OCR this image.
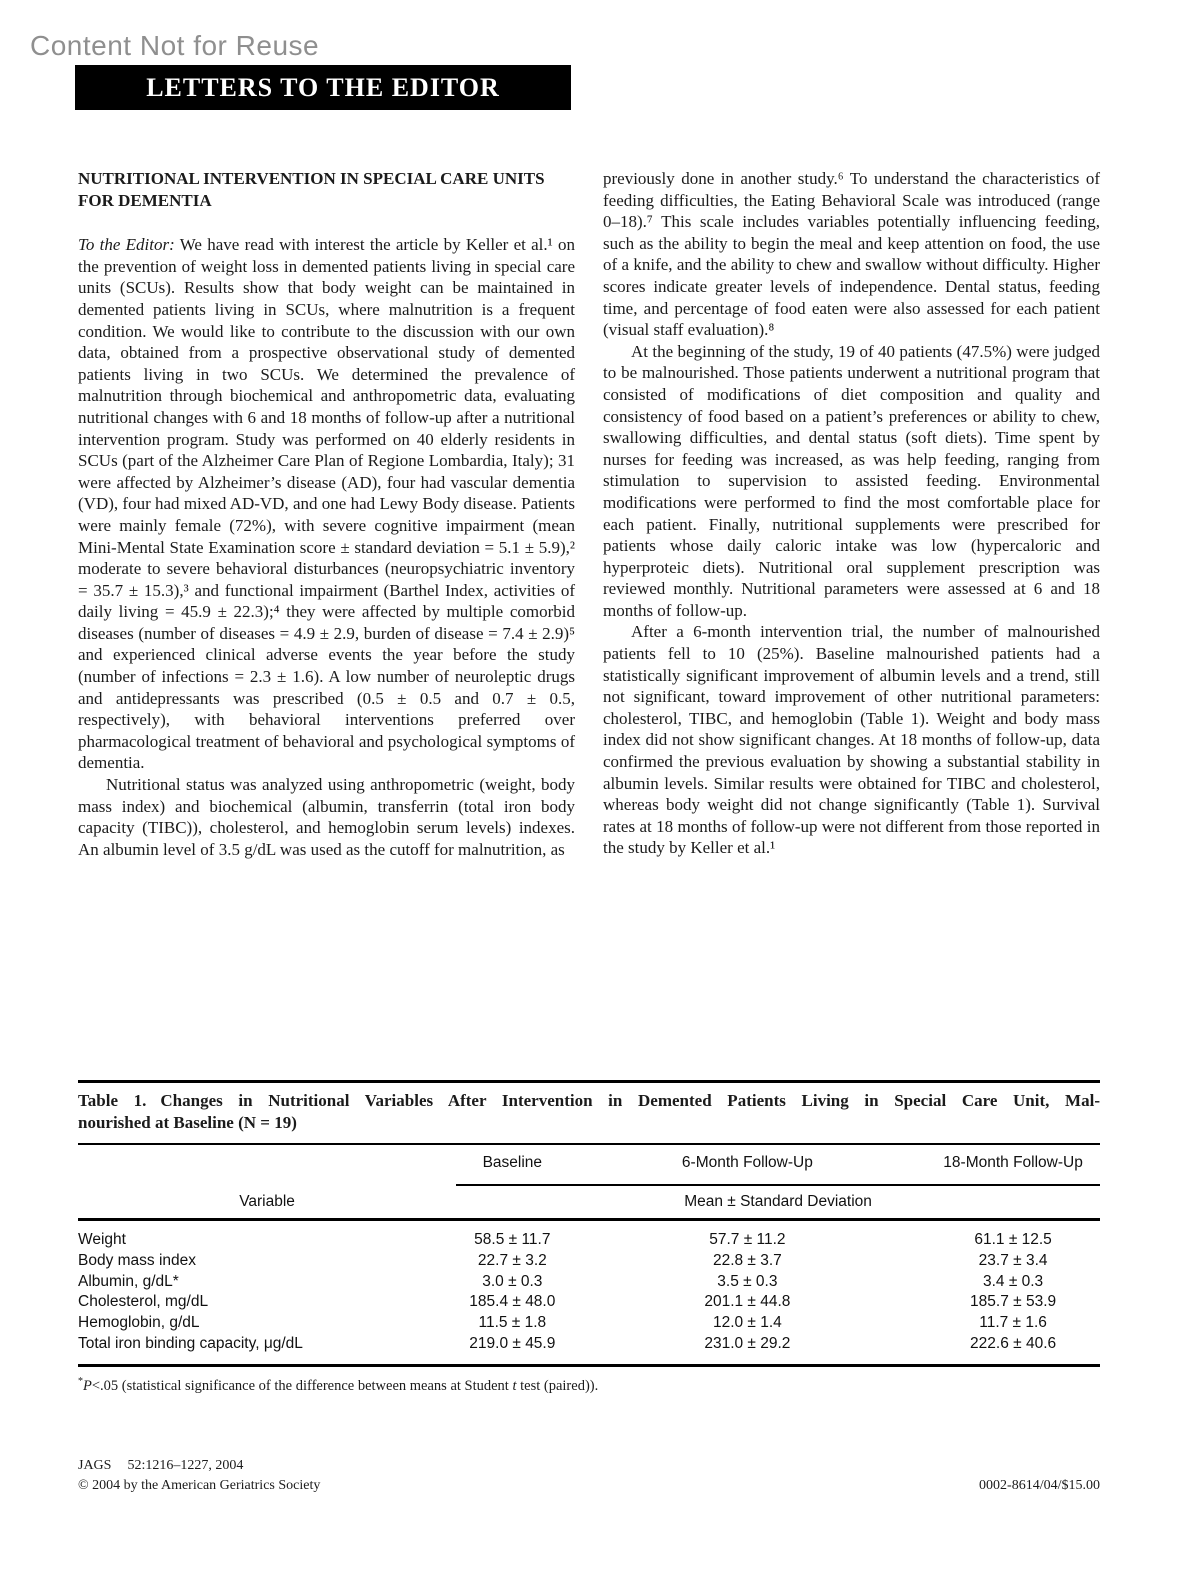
Content Not for Reuse
LETTERS TO THE EDITOR
NUTRITIONAL INTERVENTION IN SPECIAL CARE UNITS FOR DEMENTIA

To the Editor: We have read with interest the article by Keller et al.¹ on the prevention of weight loss in demented patients living in special care units (SCUs). Results show that body weight can be maintained in demented patients living in SCUs, where malnutrition is a frequent condition. We would like to contribute to the discussion with our own data, obtained from a prospective observational study of demented patients living in two SCUs. We determined the prevalence of malnutrition through biochemical and anthropometric data, evaluating nutritional changes with 6 and 18 months of follow-up after a nutritional intervention program. Study was performed on 40 elderly residents in SCUs (part of the Alzheimer Care Plan of Regione Lombardia, Italy); 31 were affected by Alzheimer’s disease (AD), four had vascular dementia (VD), four had mixed AD-VD, and one had Lewy Body disease. Patients were mainly female (72%), with severe cognitive impairment (mean Mini-Mental State Examination score ± standard deviation = 5.1 ± 5.9),² moderate to severe behavioral disturbances (neuropsychiatric inventory = 35.7 ± 15.3),³ and functional impairment (Barthel Index, activities of daily living = 45.9 ± 22.3);⁴ they were affected by multiple comorbid diseases (number of diseases = 4.9 ± 2.9, burden of disease = 7.4 ± 2.9)⁵ and experienced clinical adverse events the year before the study (number of infections = 2.3 ± 1.6). A low number of neuroleptic drugs and antidepressants was prescribed (0.5 ± 0.5 and 0.7 ± 0.5, respectively), with behavioral interventions preferred over pharmacological treatment of behavioral and psychological symptoms of dementia.

Nutritional status was analyzed using anthropometric (weight, body mass index) and biochemical (albumin, transferrin (total iron body capacity (TIBC)), cholesterol, and hemoglobin serum levels) indexes. An albumin level of 3.5 g/dL was used as the cutoff for malnutrition, as

previously done in another study.⁶ To understand the characteristics of feeding difficulties, the Eating Behavioral Scale was introduced (range 0–18).⁷ This scale includes variables potentially influencing feeding, such as the ability to begin the meal and keep attention on food, the use of a knife, and the ability to chew and swallow without difficulty. Higher scores indicate greater levels of independence. Dental status, feeding time, and percentage of food eaten were also assessed for each patient (visual staff evaluation).⁸

At the beginning of the study, 19 of 40 patients (47.5%) were judged to be malnourished. Those patients underwent a nutritional program that consisted of modifications of diet composition and quality and consistency of food based on a patient’s preferences or ability to chew, swallowing difficulties, and dental status (soft diets). Time spent by nurses for feeding was increased, as was help feeding, ranging from stimulation to supervision to assisted feeding. Environmental modifications were performed to find the most comfortable place for each patient. Finally, nutritional supplements were prescribed for patients whose daily caloric intake was low (hypercaloric and hyperproteic diets). Nutritional oral supplement prescription was reviewed monthly. Nutritional parameters were assessed at 6 and 18 months of follow-up.

After a 6-month intervention trial, the number of malnourished patients fell to 10 (25%). Baseline malnourished patients had a statistically significant improvement of albumin levels and a trend, still not significant, toward improvement of other nutritional parameters: cholesterol, TIBC, and hemoglobin (Table 1). Weight and body mass index did not show significant changes. At 18 months of follow-up, data confirmed the previous evaluation by showing a substantial stability in albumin levels. Similar results were obtained for TIBC and cholesterol, whereas body weight did not change significantly (Table 1). Survival rates at 18 months of follow-up were not different from those reported in the study by Keller et al.¹

Table 1. Changes in Nutritional Variables After Intervention in Demented Patients Living in Special Care Unit, Mal-
nourished at Baseline (N = 19)
Baseline	6-Month Follow-Up	18-Month Follow-Up
Variable	Mean ± Standard Deviation
Weight	58.5 ± 11.7	57.7 ± 11.2	61.1 ± 12.5
Body mass index	22.7 ± 3.2	22.8 ± 3.7	23.7 ± 3.4
Albumin, g/dL*	3.0 ± 0.3	3.5 ± 0.3	3.4 ± 0.3
Cholesterol, mg/dL	185.4 ± 48.0	201.1 ± 44.8	185.7 ± 53.9
Hemoglobin, g/dL	11.5 ± 1.8	12.0 ± 1.4	11.7 ± 1.6
Total iron binding capacity, μg/dL	219.0 ± 45.9	231.0 ± 29.2	222.6 ± 40.6
*P<.05 (statistical significance of the difference between means at Student t test (paired)).
JAGS 52:1216–1227, 2004
© 2004 by the American Geriatrics Society	0002-8614/04/$15.00
